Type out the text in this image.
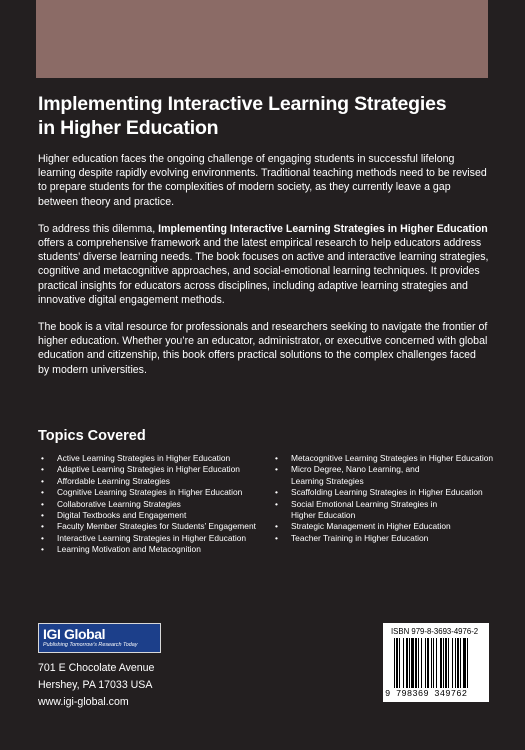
Implementing Interactive Learning Strategies
in Higher Education

Higher education faces the ongoing challenge of engaging students in successful lifelong learning despite rapidly evolving environments. Traditional teaching methods need to be revised to prepare students for the complexities of modern society, as they currently leave a gap between theory and practice.

To address this dilemma, Implementing Interactive Learning Strategies in Higher Education offers a comprehensive framework and the latest empirical research to help educators address students’ diverse learning needs. The book focuses on active and interactive learning strategies, cognitive and metacognitive approaches, and social-emotional learning techniques. It provides practical insights for educators across disciplines, including adaptive learning strategies and innovative digital engagement methods.

The book is a vital resource for professionals and researchers seeking to navigate the frontier of higher education. Whether you’re an educator, administrator, or executive concerned with global education and citizenship, this book offers practical solutions to the complex challenges faced by modern universities.

Topics Covered
• Active Learning Strategies in Higher Education
• Adaptive Learning Strategies in Higher Education
• Affordable Learning Strategies
• Cognitive Learning Strategies in Higher Education
• Collaborative Learning Strategies
• Digital Textbooks and Engagement
• Faculty Member Strategies for Students’ Engagement
• Interactive Learning Strategies in Higher Education
• Learning Motivation and Metacognition
• Metacognitive Learning Strategies in Higher Education
• Micro Degree, Nano Learning, and
Learning Strategies
• Scaffolding Learning Strategies in Higher Education
• Social Emotional Learning Strategies in
Higher Education
• Strategic Management in Higher Education
• Teacher Training in Higher Education
IGI Global
Publishing Tomorrow’s Research Today
701 E Chocolate Avenue
Hershey, PA 17033 USA
www.igi-global.com
ISBN 979-8-3693-4976-2
9 798369 349762
